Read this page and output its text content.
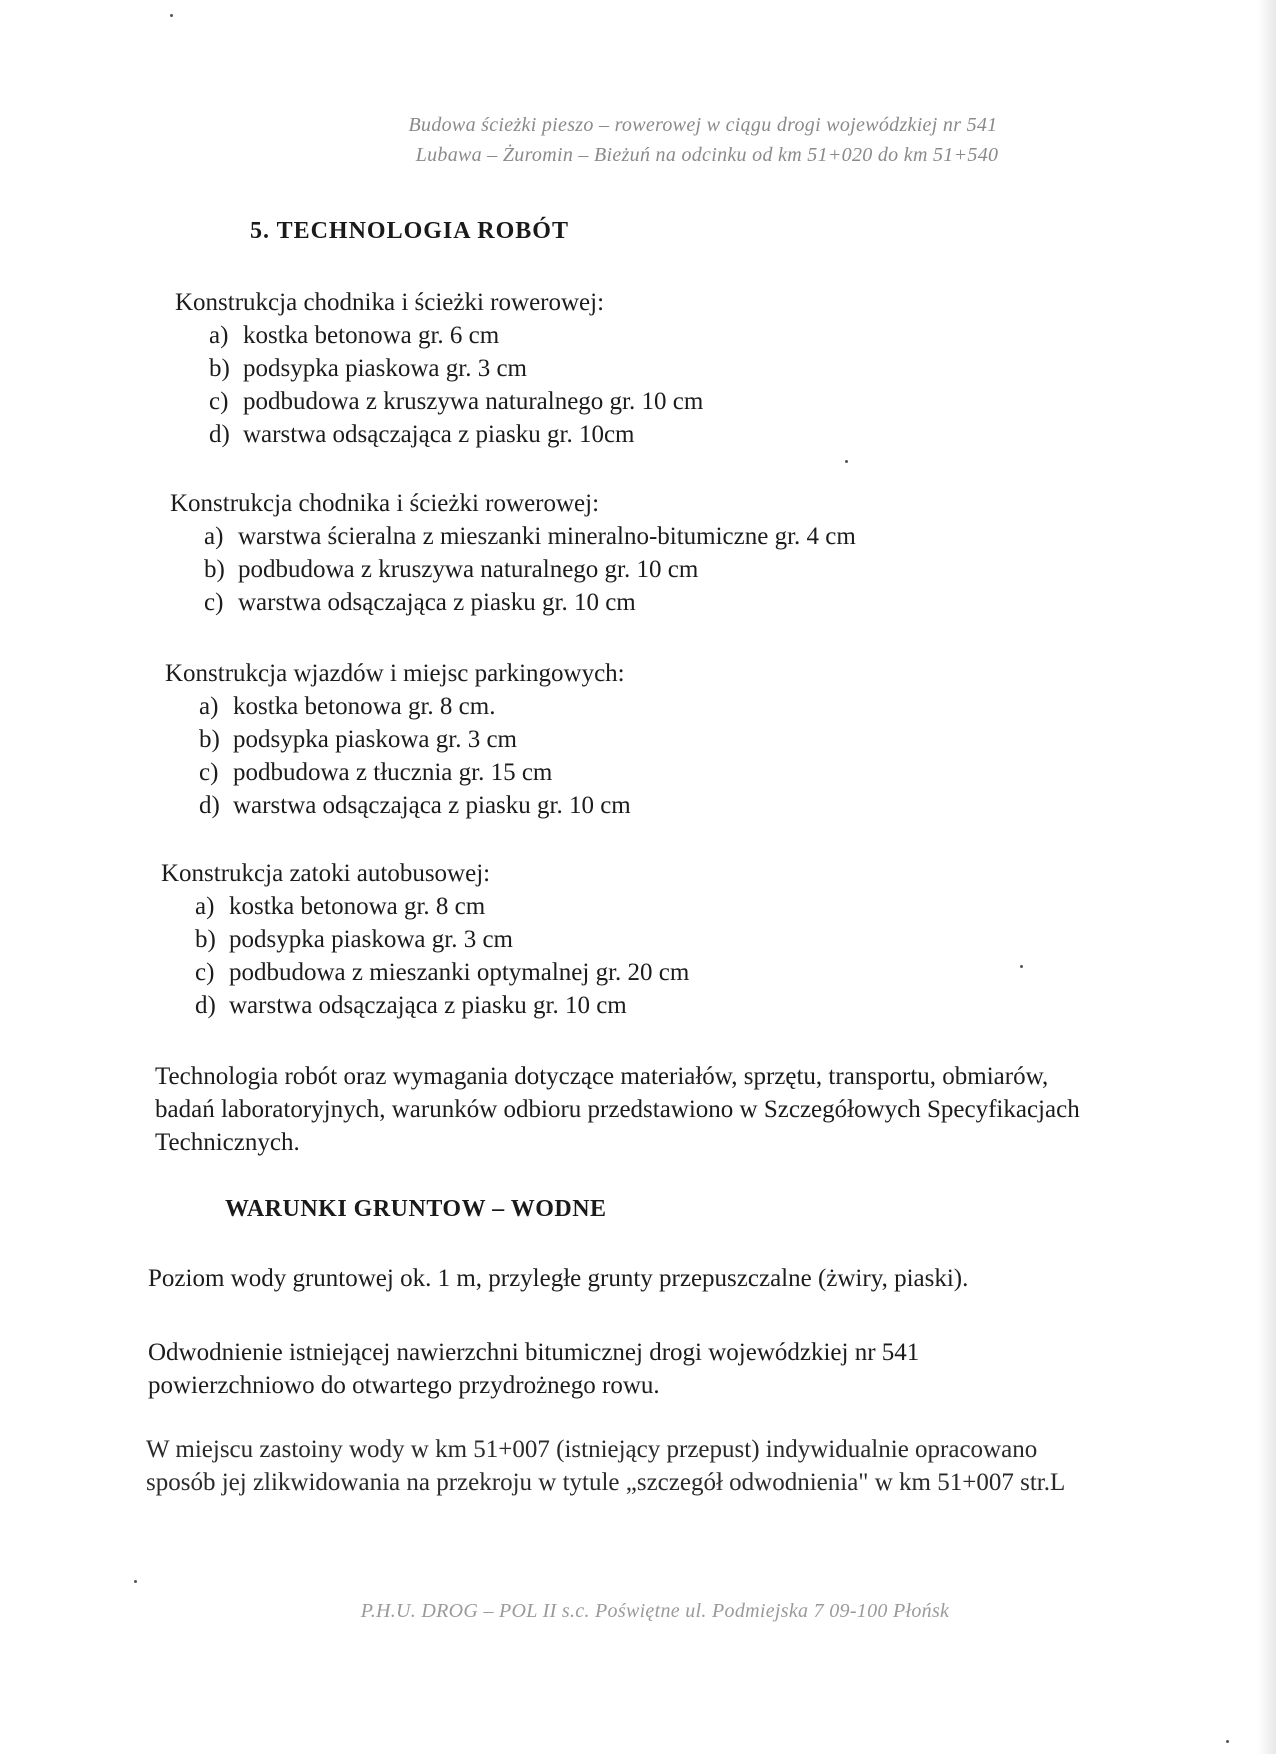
Budowa ścieżki pieszo – rowerowej w ciągu drogi wojewódzkiej nr 541
Lubawa – Żuromin – Bieżuń na odcinku od km 51+020 do km 51+540
5. TECHNOLOGIA ROBÓT

Konstrukcja chodnika i ścieżki rowerowej:

a) kostka betonowa gr. 6 cm
b) podsypka piaskowa gr. 3 cm
c) podbudowa z kruszywa naturalnego gr. 10 cm
d) warstwa odsączająca z piasku gr. 10cm

Konstrukcja chodnika i ścieżki rowerowej:

a) warstwa ścieralna z mieszanki mineralno-bitumiczne gr. 4 cm
b) podbudowa z kruszywa naturalnego gr. 10 cm
c) warstwa odsączająca z piasku gr. 10 cm

Konstrukcja wjazdów i miejsc parkingowych:

a) kostka betonowa gr. 8 cm.
b) podsypka piaskowa gr. 3 cm
c) podbudowa z tłucznia gr. 15 cm
d) warstwa odsączająca z piasku gr. 10 cm

Konstrukcja zatoki autobusowej:

a) kostka betonowa gr. 8 cm
b) podsypka piaskowa gr. 3 cm
c) podbudowa z mieszanki optymalnej gr. 20 cm
d) warstwa odsączająca z piasku gr. 10 cm

Technologia robót oraz wymagania dotyczące materiałów, sprzętu, transportu, obmiarów, badań laboratoryjnych, warunków odbioru przedstawiono w Szczegółowych Specyfikacjach Technicznych.

WARUNKI GRUNTOW – WODNE

Poziom wody gruntowej ok. 1 m, przyległe grunty przepuszczalne (żwiry, piaski).

Odwodnienie istniejącej nawierzchni bitumicznej drogi wojewódzkiej nr 541 powierzchniowo do otwartego przydrożnego rowu.

W miejscu zastoiny wody w km 51+007 (istniejący przepust) indywidualnie opracowano sposób jej zlikwidowania na przekroju w tytule „szczegół odwodnienia" w km 51+007 str.L

P.H.U. DROG – POL II s.c. Poświętne ul. Podmiejska 7 09-100 Płońsk
